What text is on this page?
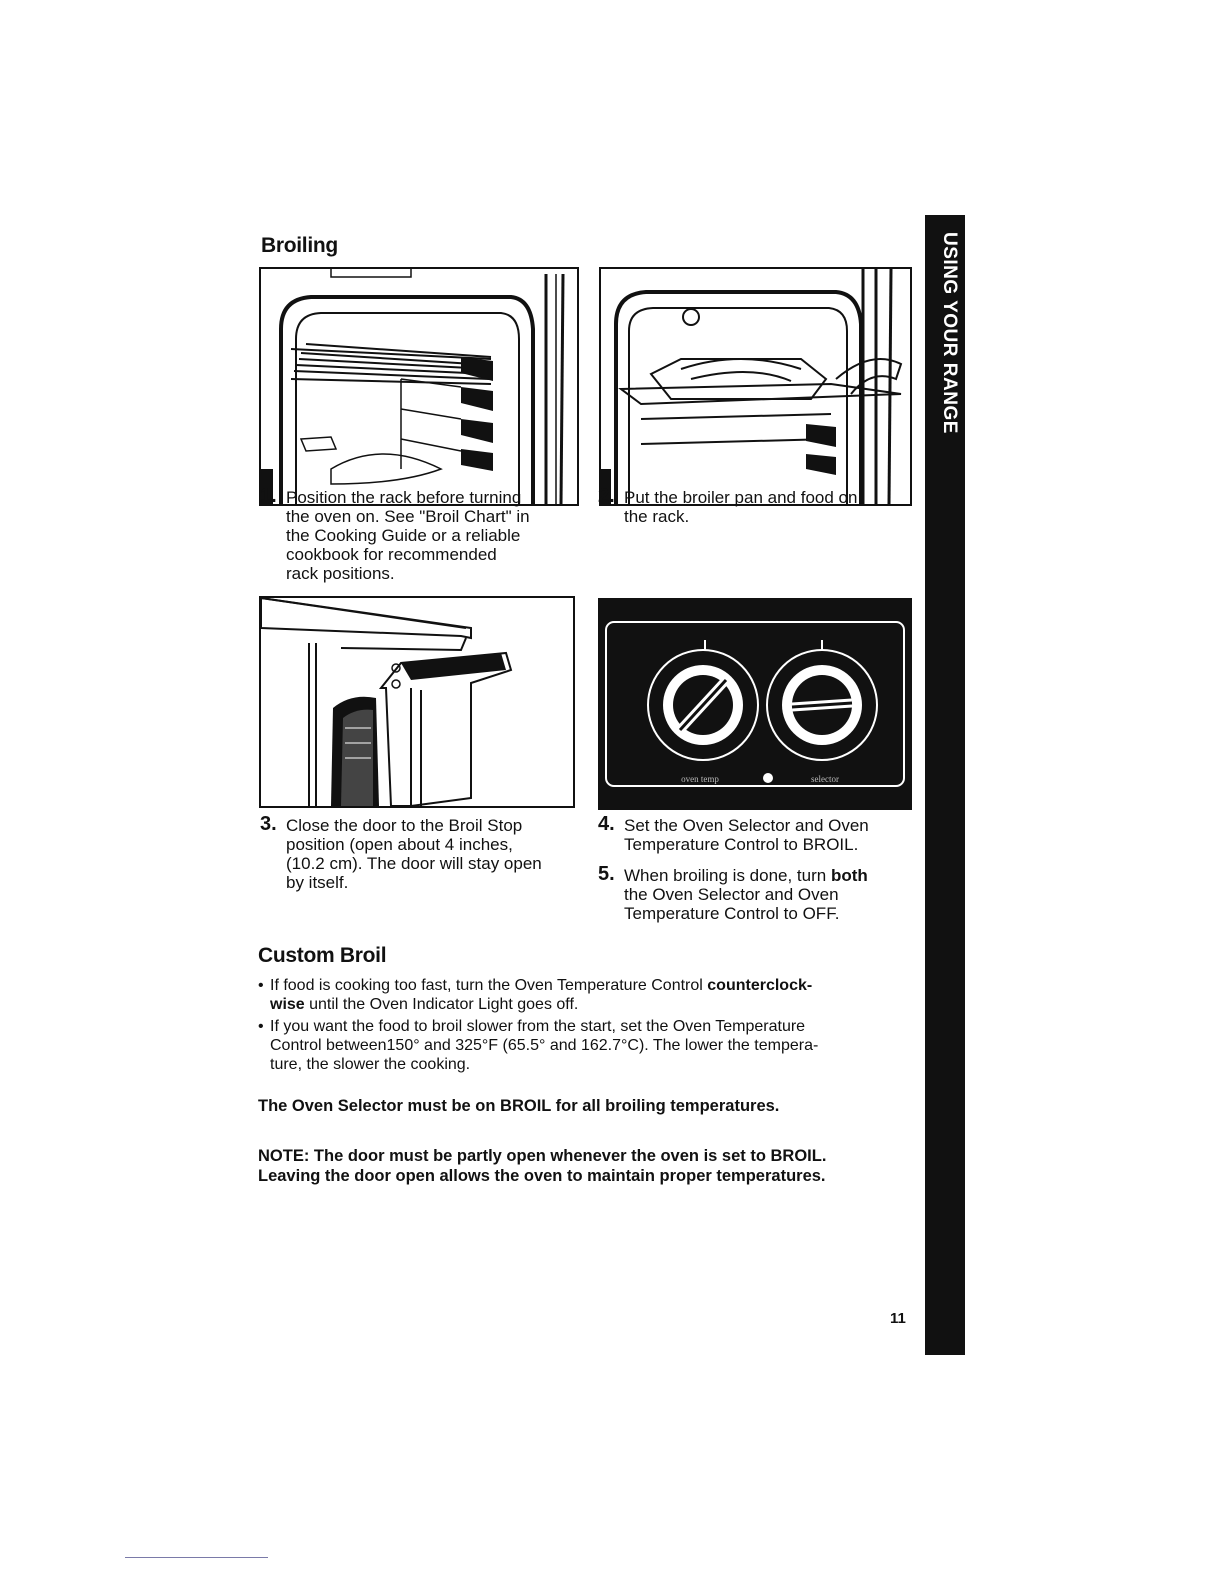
Broiling
1. Position the rack before turning
the oven on. See "Broil Chart" in
the Cooking Guide or a reliable
cookbook for recommended
rack positions.
2. Put the broiler pan and food on
the rack.
oven temp	selector
3. Close the door to the Broil Stop
position (open about 4 inches,
(10.2 cm). The door will stay open
by itself.
4. Set the Oven Selector and Oven
Temperature Control to BROIL.
5. When broiling is done, turn both
the Oven Selector and Oven
Temperature Control to OFF.
Custom Broil
• If food is cooking too fast, turn the Oven Temperature Control counterclock-
wise until the Oven Indicator Light goes off.
• If you want the food to broil slower from the start, set the Oven Temperature
Control between150° and 325°F (65.5° and 162.7°C). The lower the tempera-
ture, the slower the cooking.
The Oven Selector must be on BROIL for all broiling temperatures.
NOTE: The door must be partly open whenever the oven is set to BROIL.
Leaving the door open allows the oven to maintain proper temperatures.
USING YOUR RANGE
11
